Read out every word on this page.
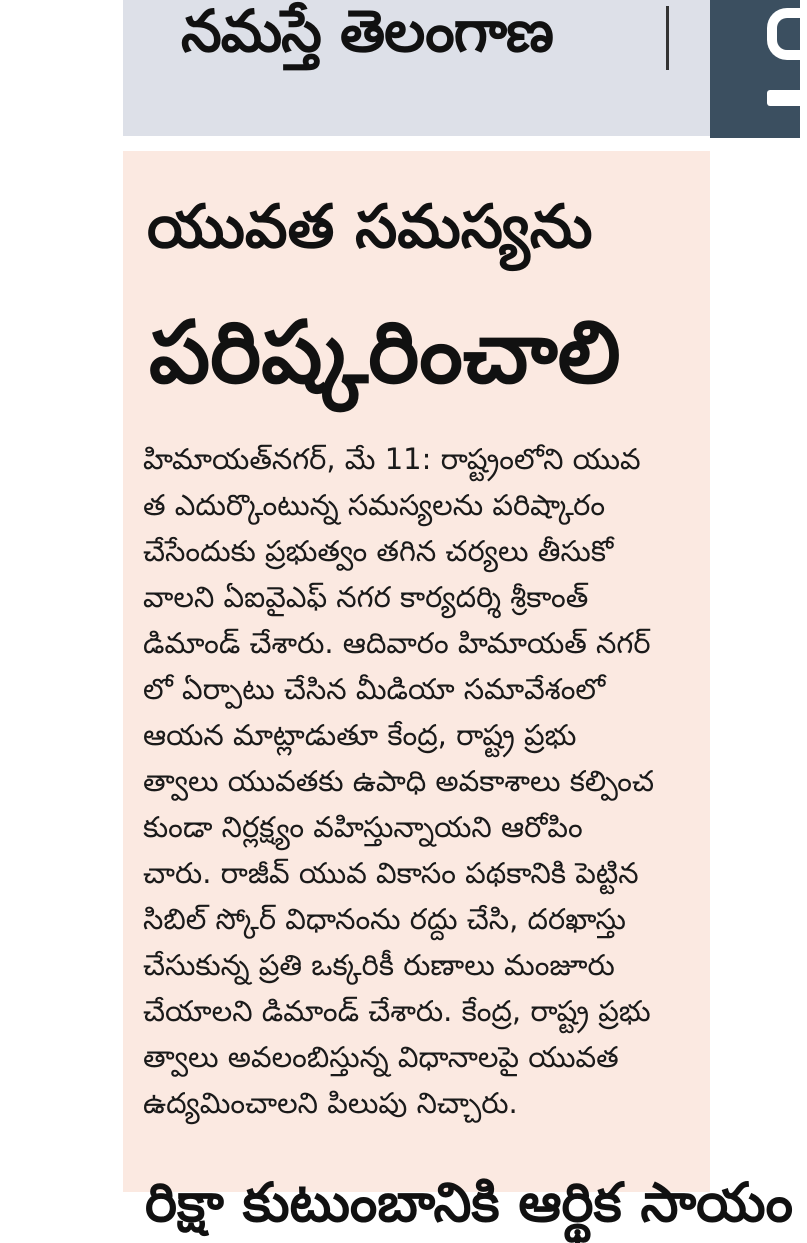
నమస్తే తెలంగాణ
యువత సమస్యను
పరిష్కరించాలి
హిమాయత్‌నగర్, మే 11: రాష్ట్రంలోని యువ
త ఎదుర్కొంటున్న సమస్యలను పరిష్కారం
చేసేందుకు ప్రభుత్వం తగిన చర్యలు తీసుకో
వాలని ఏఐవైఎఫ్ నగర కార్యదర్శి శ్రీకాంత్
డిమాండ్ చేశారు. ఆదివారం హిమాయత్ నగర్
లో ఏర్పాటు చేసిన మీడియా సమావేశంలో
ఆయన మాట్లాడుతూ కేంద్ర, రాష్ట్ర ప్రభు
త్వాలు యువతకు ఉపాధి అవకాశాలు కల్పించ
కుండా నిర్లక్ష్యం వహిస్తున్నాయని ఆరోపిం
చారు. రాజీవ్ యువ వికాసం పథకానికి పెట్టిన
సిబిల్ స్కోర్ విధానంను రద్దు చేసి, దరఖాస్తు
చేసుకున్న ప్రతి ఒక్కరికీ రుణాలు మంజూరు
చేయాలని డిమాండ్ చేశారు. కేంద్ర, రాష్ట్ర ప్రభు
త్వాలు అవలంబిస్తున్న విధానాలపై యువత
ఉద్యమించాలని పిలుపు నిచ్చారు.
రిక్షా కుటుంబానికి ఆర్థిక సాయం
